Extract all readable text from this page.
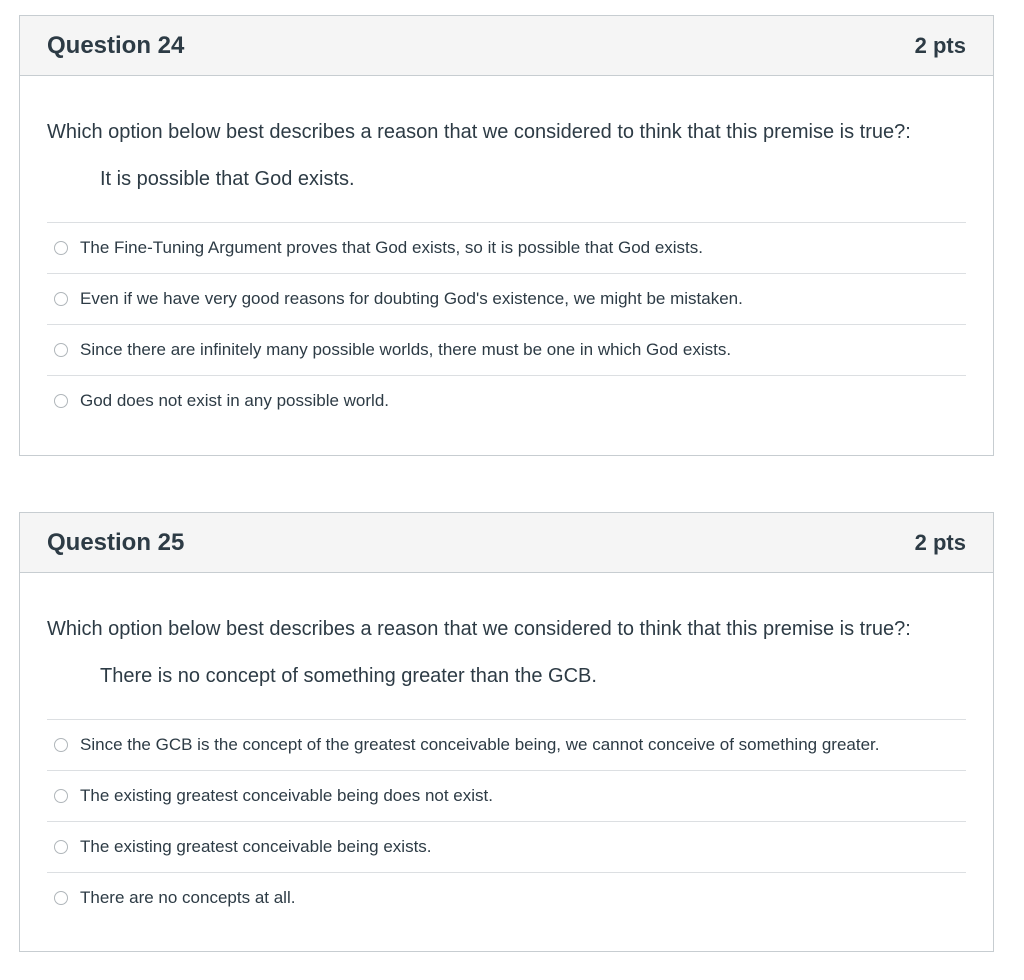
Question 24	2 pts
Which option below best describes a reason that we considered to think that this premise is true?:
It is possible that God exists.
The Fine-Tuning Argument proves that God exists, so it is possible that God exists.
Even if we have very good reasons for doubting God's existence, we might be mistaken.
Since there are infinitely many possible worlds, there must be one in which God exists.
God does not exist in any possible world.
Question 25	2 pts
Which option below best describes a reason that we considered to think that this premise is true?:
There is no concept of something greater than the GCB.
Since the GCB is the concept of the greatest conceivable being, we cannot conceive of something greater.
The existing greatest conceivable being does not exist.
The existing greatest conceivable being exists.
There are no concepts at all.
